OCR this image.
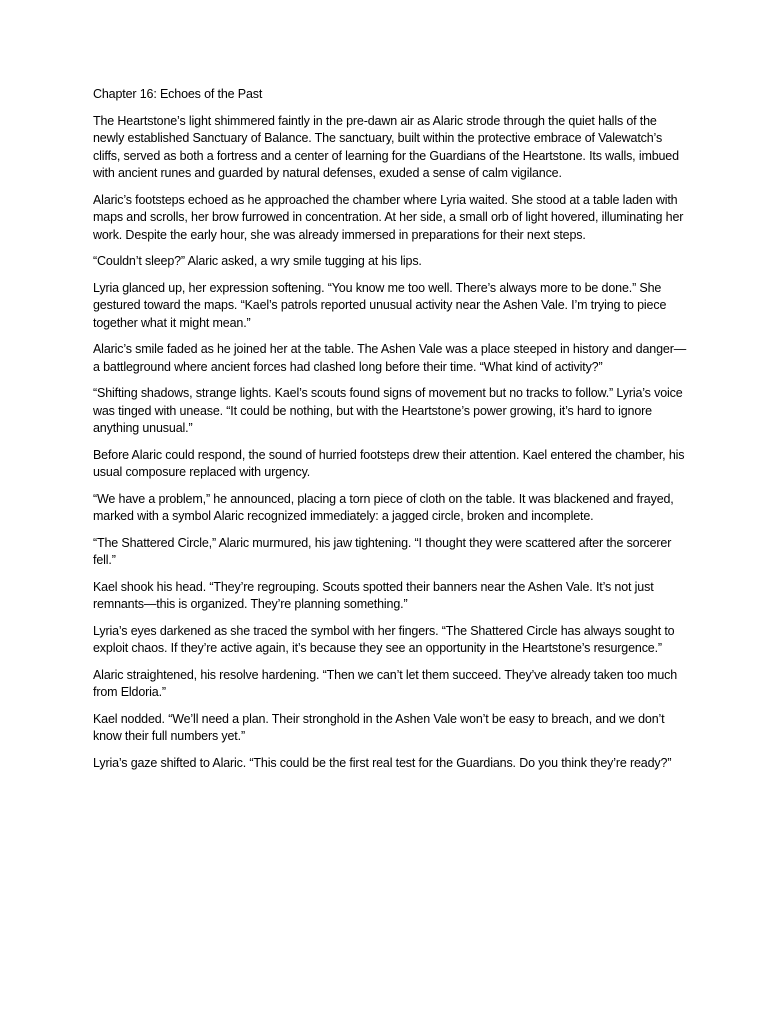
Chapter 16: Echoes of the Past

The Heartstone’s light shimmered faintly in the pre-dawn air as Alaric strode through the quiet halls of the newly established Sanctuary of Balance. The sanctuary, built within the protective embrace of Valewatch’s cliffs, served as both a fortress and a center of learning for the Guardians of the Heartstone. Its walls, imbued with ancient runes and guarded by natural defenses, exuded a sense of calm vigilance.

Alaric’s footsteps echoed as he approached the chamber where Lyria waited. She stood at a table laden with maps and scrolls, her brow furrowed in concentration. At her side, a small orb of light hovered, illuminating her work. Despite the early hour, she was already immersed in preparations for their next steps.

“Couldn’t sleep?” Alaric asked, a wry smile tugging at his lips.

Lyria glanced up, her expression softening. “You know me too well. There’s always more to be done.” She gestured toward the maps. “Kael’s patrols reported unusual activity near the Ashen Vale. I’m trying to piece together what it might mean.”

Alaric’s smile faded as he joined her at the table. The Ashen Vale was a place steeped in history and danger—a battleground where ancient forces had clashed long before their time. “What kind of activity?”

“Shifting shadows, strange lights. Kael’s scouts found signs of movement but no tracks to follow.” Lyria’s voice was tinged with unease. “It could be nothing, but with the Heartstone’s power growing, it’s hard to ignore anything unusual.”

Before Alaric could respond, the sound of hurried footsteps drew their attention. Kael entered the chamber, his usual composure replaced with urgency.

“We have a problem,” he announced, placing a torn piece of cloth on the table. It was blackened and frayed, marked with a symbol Alaric recognized immediately: a jagged circle, broken and incomplete.

“The Shattered Circle,” Alaric murmured, his jaw tightening. “I thought they were scattered after the sorcerer fell.”

Kael shook his head. “They’re regrouping. Scouts spotted their banners near the Ashen Vale. It’s not just remnants—this is organized. They’re planning something.”

Lyria’s eyes darkened as she traced the symbol with her fingers. “The Shattered Circle has always sought to exploit chaos. If they’re active again, it’s because they see an opportunity in the Heartstone’s resurgence.”

Alaric straightened, his resolve hardening. “Then we can’t let them succeed. They’ve already taken too much from Eldoria.”

Kael nodded. “We’ll need a plan. Their stronghold in the Ashen Vale won’t be easy to breach, and we don’t know their full numbers yet.”

Lyria’s gaze shifted to Alaric. “This could be the first real test for the Guardians. Do you think they’re ready?”
